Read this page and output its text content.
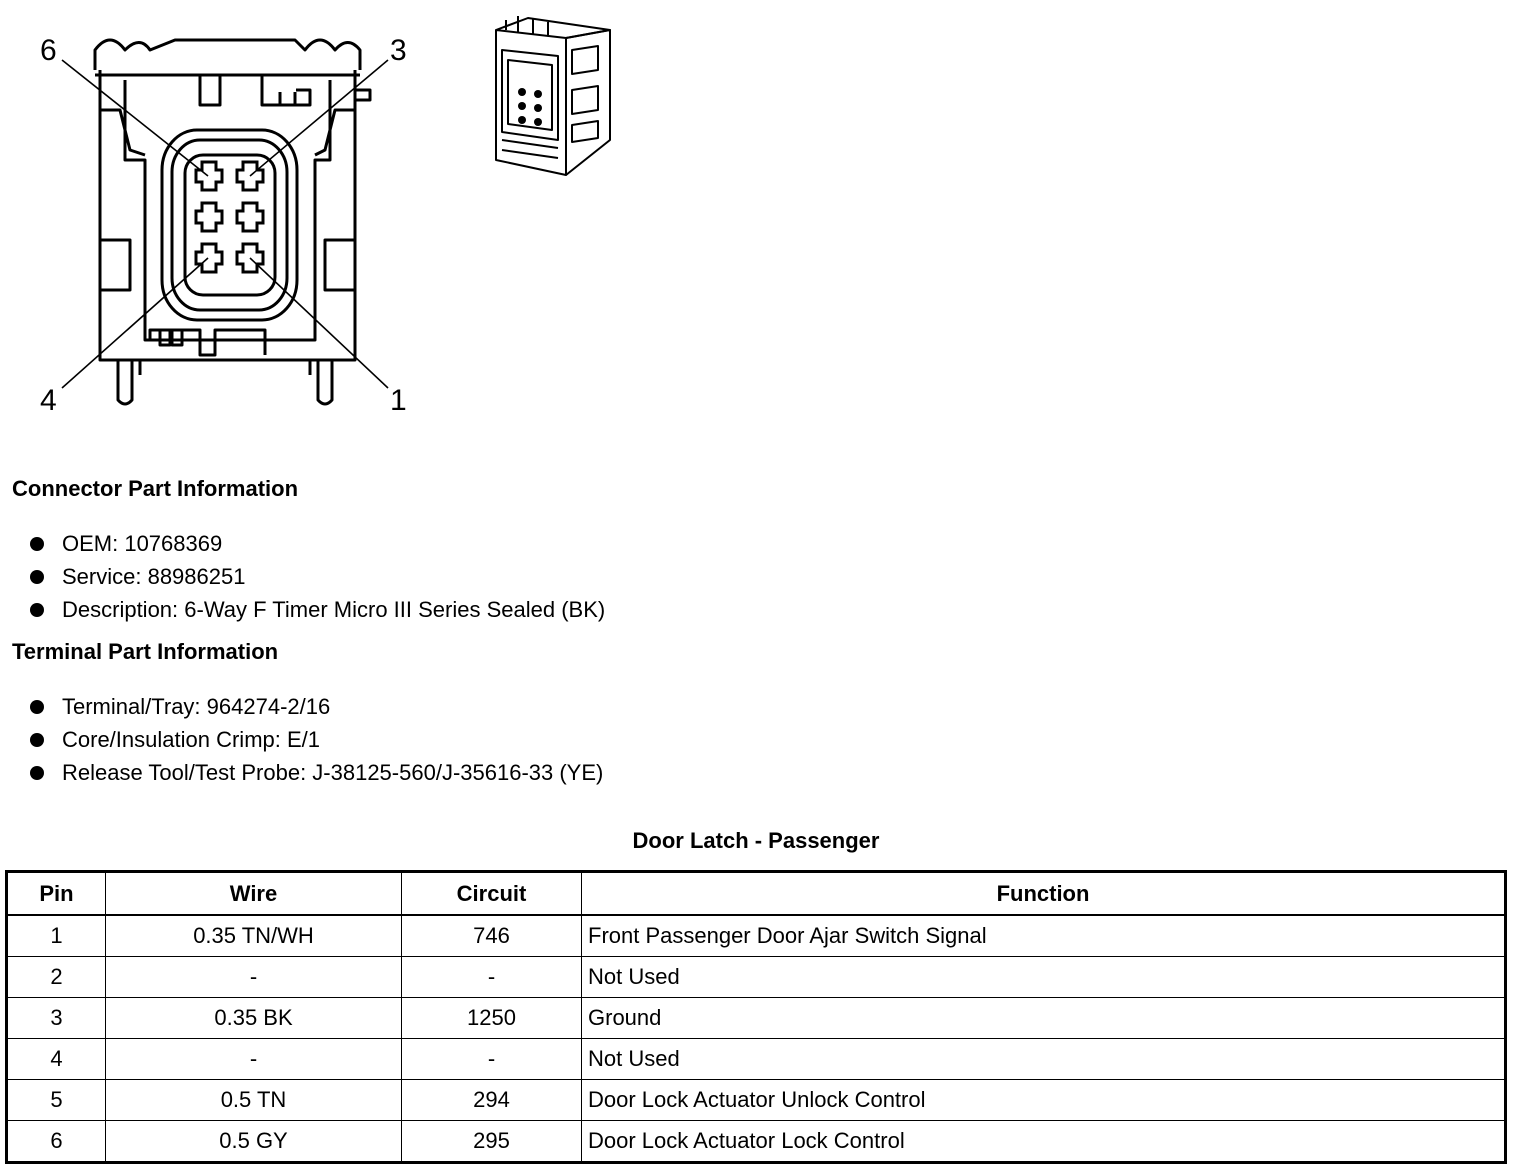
6	3
4	1
Connector Part Information
OEM: 10768369
Service: 88986251
Description: 6-Way F Timer Micro III Series Sealed (BK)
Terminal Part Information
Terminal/Tray: 964274-2/16
Core/Insulation Crimp: E/1
Release Tool/Test Probe: J-38125-560/J-35616-33 (YE)
Door Latch - Passenger
Pin	Wire	Circuit	Function
1	0.35 TN/WH	746	Front Passenger Door Ajar Switch Signal
2	-	-	Not Used
3	0.35 BK	1250	Ground
4	-	-	Not Used
5	0.5 TN	294	Door Lock Actuator Unlock Control
6	0.5 GY	295	Door Lock Actuator Lock Control
